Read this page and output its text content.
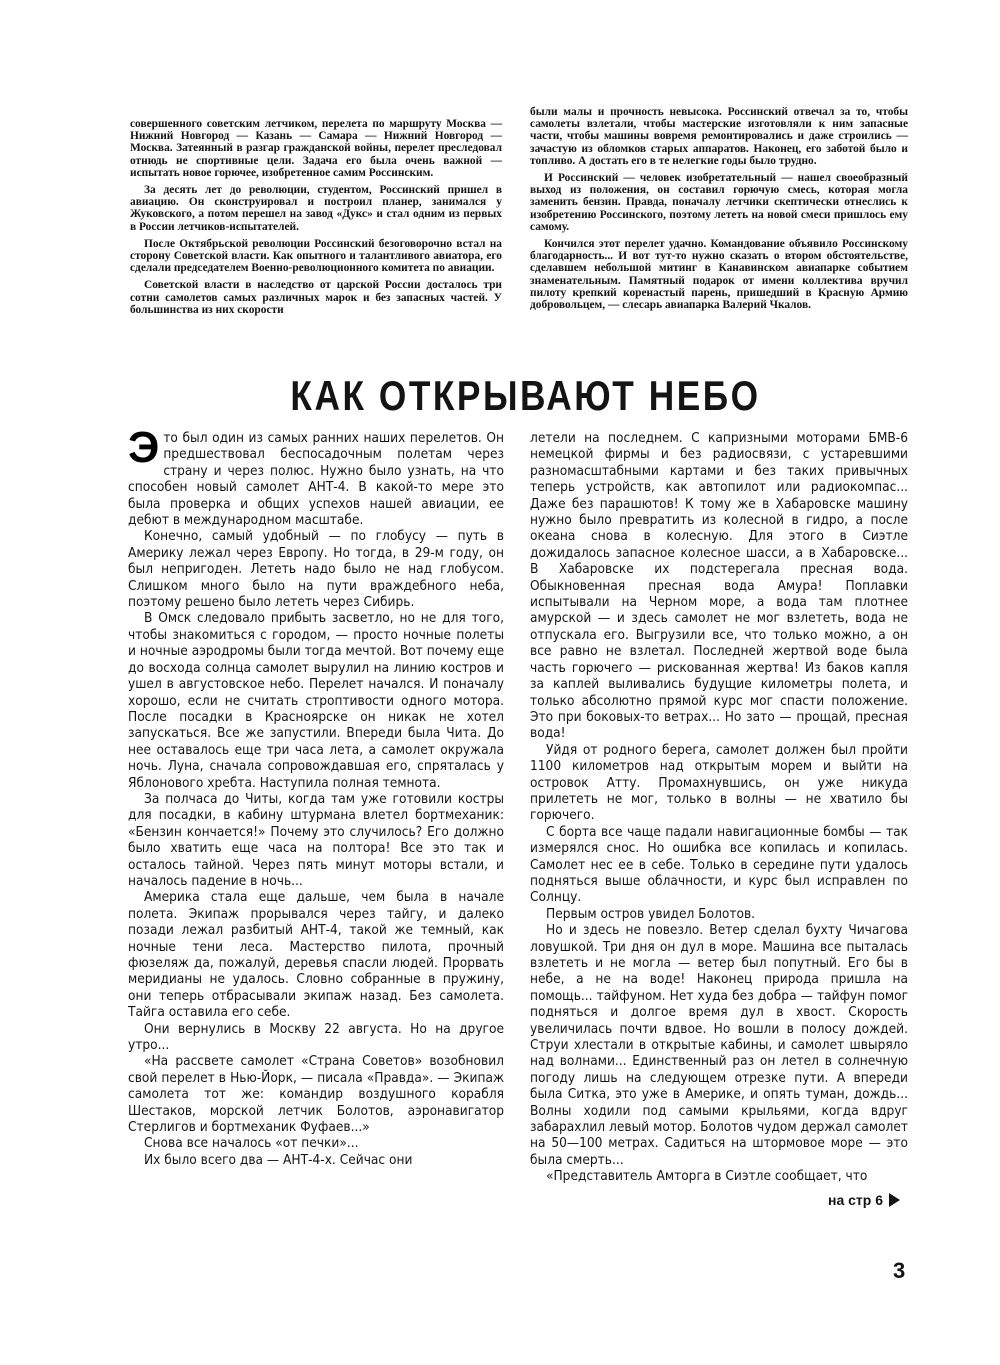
совершенного советским летчиком, перелета по маршруту Москва — Нижний Новгород — Казань — Самара — Нижний Новгород — Москва. Затеянный в разгар гражданской войны, перелет преследовал отнюдь не спортивные цели. Задача его была очень важной — испытать новое горючее, изобретенное самим Россинским.

За десять лет до революции, студентом, Россинский пришел в авиацию. Он сконструировал и построил планер, занимался у Жуковского, а потом перешел на завод «Дукс» и стал одним из первых в России летчиков-испытателей.

После Октябрьской революции Россинский безоговорочно встал на сторону Советской власти. Как опытного и талантливого авиатора, его сделали председателем Военно-революционного комитета по авиации.

Советской власти в наследство от царской России досталось три сотни самолетов самых различных марок и без запасных частей. У большинства из них скорости

были малы и прочность невысока. Россинский отвечал за то, чтобы самолеты взлетали, чтобы мастерские изготовляли к ним запасные части, чтобы машины вовремя ремонтировались и даже строились — зачастую из обломков старых аппаратов. Наконец, его заботой было и топливо. А достать его в те нелегкие годы было трудно.

И Россинский — человек изобретательный — нашел своеобразный выход из положения, он составил горючую смесь, которая могла заменить бензин. Правда, поначалу летчики скептически отнеслись к изобретению Россинского, поэтому лететь на новой смеси пришлось ему самому.

Кончился этот перелет удачно. Командование объявило Россинскому благодарность... И вот тут-то нужно сказать о втором обстоятельстве, сделавшем небольшой митинг в Канавинском авиапарке событием знаменательным. Памятный подарок от имени коллектива вручил пилоту крепкий коренастый парень, пришедший в Красную Армию добровольцем, — слесарь авиапарка Валерий Чкалов.

КАК ОТКРЫВАЮТ НЕБО

Это был один из самых ранних наших перелетов. Он предшествовал беспосадочным полетам через страну и через полюс. Нужно было узнать, на что способен новый самолет АНТ-4. В какой-то мере это была проверка и общих успехов нашей авиации, ее дебют в международном масштабе.

Конечно, самый удобный — по глобусу — путь в Америку лежал через Европу. Но тогда, в 29-м году, он был непригоден. Лететь надо было не над глобусом. Слишком много было на пути враждебного неба, поэтому решено было лететь через Сибирь.

В Омск следовало прибыть засветло, но не для того, чтобы знакомиться с городом, — просто ночные полеты и ночные аэродромы были тогда мечтой. Вот почему еще до восхода солнца самолет вырулил на линию костров и ушел в августовское небо. Перелет начался. И поначалу хорошо, если не считать строптивости одного мотора. После посадки в Красноярске он никак не хотел запускаться. Все же запустили. Впереди была Чита. До нее оставалось еще три часа лета, а самолет окружала ночь. Луна, сначала сопровождавшая его, спряталась у Яблонового хребта. Наступила полная темнота.

За полчаса до Читы, когда там уже готовили костры для посадки, в кабину штурмана влетел бортмеханик: «Бензин кончается!» Почему это случилось? Его должно было хватить еще часа на полтора! Все это так и осталось тайной. Через пять минут моторы встали, и началось падение в ночь...

Америка стала еще дальше, чем была в начале полета. Экипаж прорывался через тайгу, и далеко позади лежал разбитый АНТ-4, такой же темный, как ночные тени леса. Мастерство пилота, прочный фюзеляж да, пожалуй, деревья спасли людей. Прорвать меридианы не удалось. Словно собранные в пружину, они теперь отбрасывали экипаж назад. Без самолета. Тайга оставила его себе.

Они вернулись в Москву 22 августа. Но на другое утро...

«На рассвете самолет «Страна Советов» возобновил свой перелет в Нью-Йорк, — писала «Правда». — Экипаж самолета тот же: командир воздушного корабля Шестаков, морской летчик Болотов, аэронавигатор Стерлигов и бортмеханик Фуфаев...»

Снова все началось «от печки»...

Их было всего два — АНТ-4-х. Сейчас они

летели на последнем. С капризными моторами БМВ-6 немецкой фирмы и без радиосвязи, с устаревшими разномасштабными картами и без таких привычных теперь устройств, как автопилот или радиокомпас... Даже без парашютов! К тому же в Хабаровске машину нужно было превратить из колесной в гидро, а после океана снова в колесную. Для этого в Сиэтле дожидалось запасное колесное шасси, а в Хабаровске... В Хабаровске их подстерегала пресная вода. Обыкновенная пресная вода Амура! Поплавки испытывали на Черном море, а вода там плотнее амурской — и здесь самолет не мог взлететь, вода не отпускала его. Выгрузили все, что только можно, а он все равно не взлетал. Последней жертвой воде была часть горючего — рискованная жертва! Из баков капля за каплей выливались будущие километры полета, и только абсолютно прямой курс мог спасти положение. Это при боковых-то ветрах... Но зато — прощай, пресная вода!

Уйдя от родного берега, самолет должен был пройти 1100 километров над открытым морем и выйти на островок Атту. Промахнувшись, он уже никуда прилететь не мог, только в волны — не хватило бы горючего.

С борта все чаще падали навигационные бомбы — так измерялся снос. Но ошибка все копилась и копилась. Самолет нес ее в себе. Только в середине пути удалось подняться выше облачности, и курс был исправлен по Солнцу.

Первым остров увидел Болотов.

Но и здесь не повезло. Ветер сделал бухту Чичагова ловушкой. Три дня он дул в море. Машина все пыталась взлететь и не могла — ветер был попутный. Его бы в небе, а не на воде! Наконец природа пришла на помощь... тайфуном. Нет худа без добра — тайфун помог подняться и долгое время дул в хвост. Скорость увеличилась почти вдвое. Но вошли в полосу дождей. Струи хлестали в открытые кабины, и самолет швыряло над волнами... Единственный раз он летел в солнечную погоду лишь на следующем отрезке пути. А впереди была Ситка, это уже в Америке, и опять туман, дождь... Волны ходили под самыми крыльями, когда вдруг забарахлил левый мотор. Болотов чудом держал самолет на 50—100 метрах. Садиться на штормовое море — это была смерть...

«Представитель Амторга в Сиэтле сообщает, что

на стр 6
3
